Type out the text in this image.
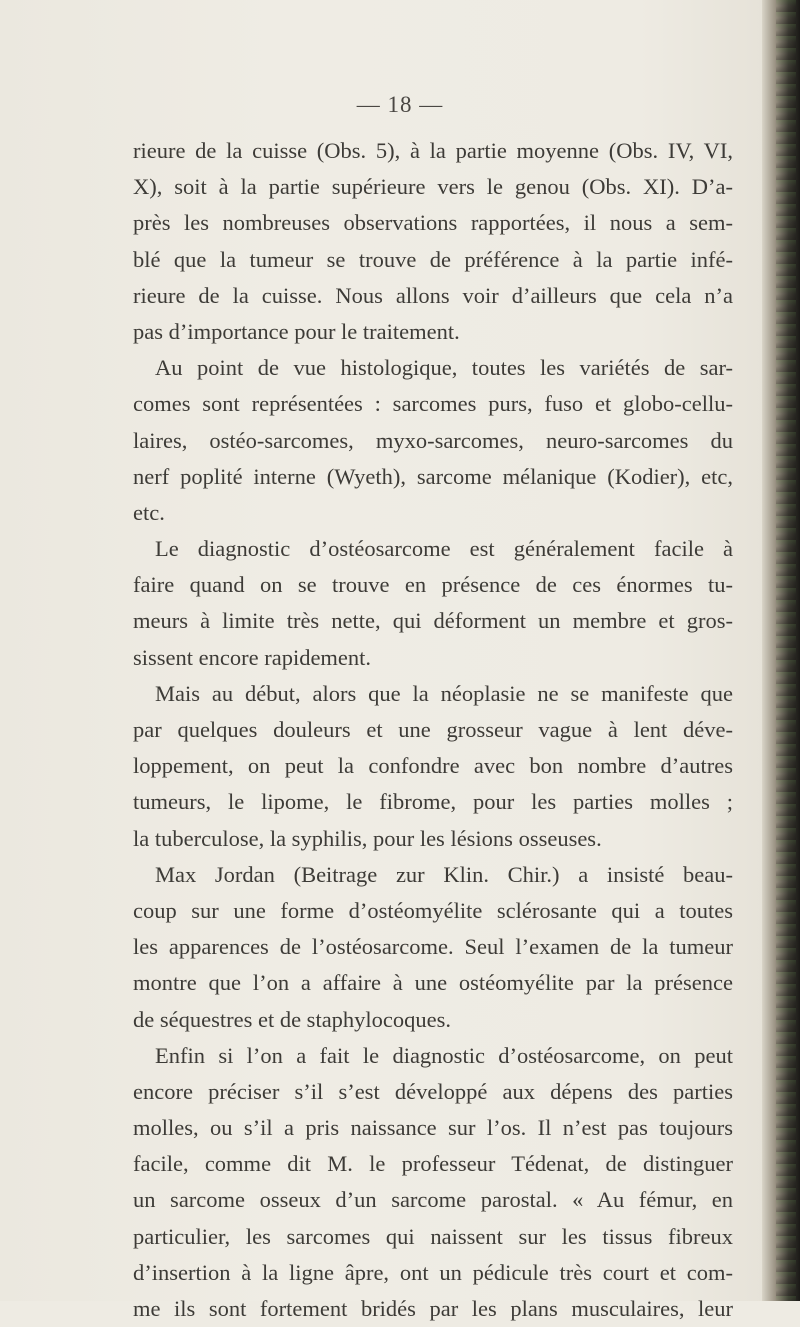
— 18 —
rieure de la cuisse (Obs. 5), à la partie moyenne (Obs. IV, VI,
X), soit à la partie supérieure vers le genou (Obs. XI). D’a-
près les nombreuses observations rapportées, il nous a sem-
blé que la tumeur se trouve de préférence à la partie infé-
rieure de la cuisse. Nous allons voir d’ailleurs que cela n’a
pas d’importance pour le traitement.
Au point de vue histologique, toutes les variétés de sar-
comes sont représentées : sarcomes purs, fuso et globo-cellu-
laires, ostéo-sarcomes, myxo-sarcomes, neuro-sarcomes du
nerf poplité interne (Wyeth), sarcome mélanique (Kodier), etc,
etc.
Le diagnostic d’ostéosarcome est généralement facile à
faire quand on se trouve en présence de ces énormes tu-
meurs à limite très nette, qui déforment un membre et gros-
sissent encore rapidement.
Mais au début, alors que la néoplasie ne se manifeste que
par quelques douleurs et une grosseur vague à lent déve-
loppement, on peut la confondre avec bon nombre d’autres
tumeurs, le lipome, le fibrome, pour les parties molles ;
la tuberculose, la syphilis, pour les lésions osseuses.
Max Jordan (Beitrage zur Klin. Chir.) a insisté beau-
coup sur une forme d’ostéomyélite sclérosante qui a toutes
les apparences de l’ostéosarcome. Seul l’examen de la tumeur
montre que l’on a affaire à une ostéomyélite par la présence
de séquestres et de staphylocoques.
Enfin si l’on a fait le diagnostic d’ostéosarcome, on peut
encore préciser s’il s’est développé aux dépens des parties
molles, ou s’il a pris naissance sur l’os. Il n’est pas toujours
facile, comme dit M. le professeur Tédenat, de distinguer
un sarcome osseux d’un sarcome parostal. « Au fémur, en
particulier, les sarcomes qui naissent sur les tissus fibreux
d’insertion à la ligne âpre, ont un pédicule très court et com-
me ils sont fortement bridés par les plans musculaires, leur
